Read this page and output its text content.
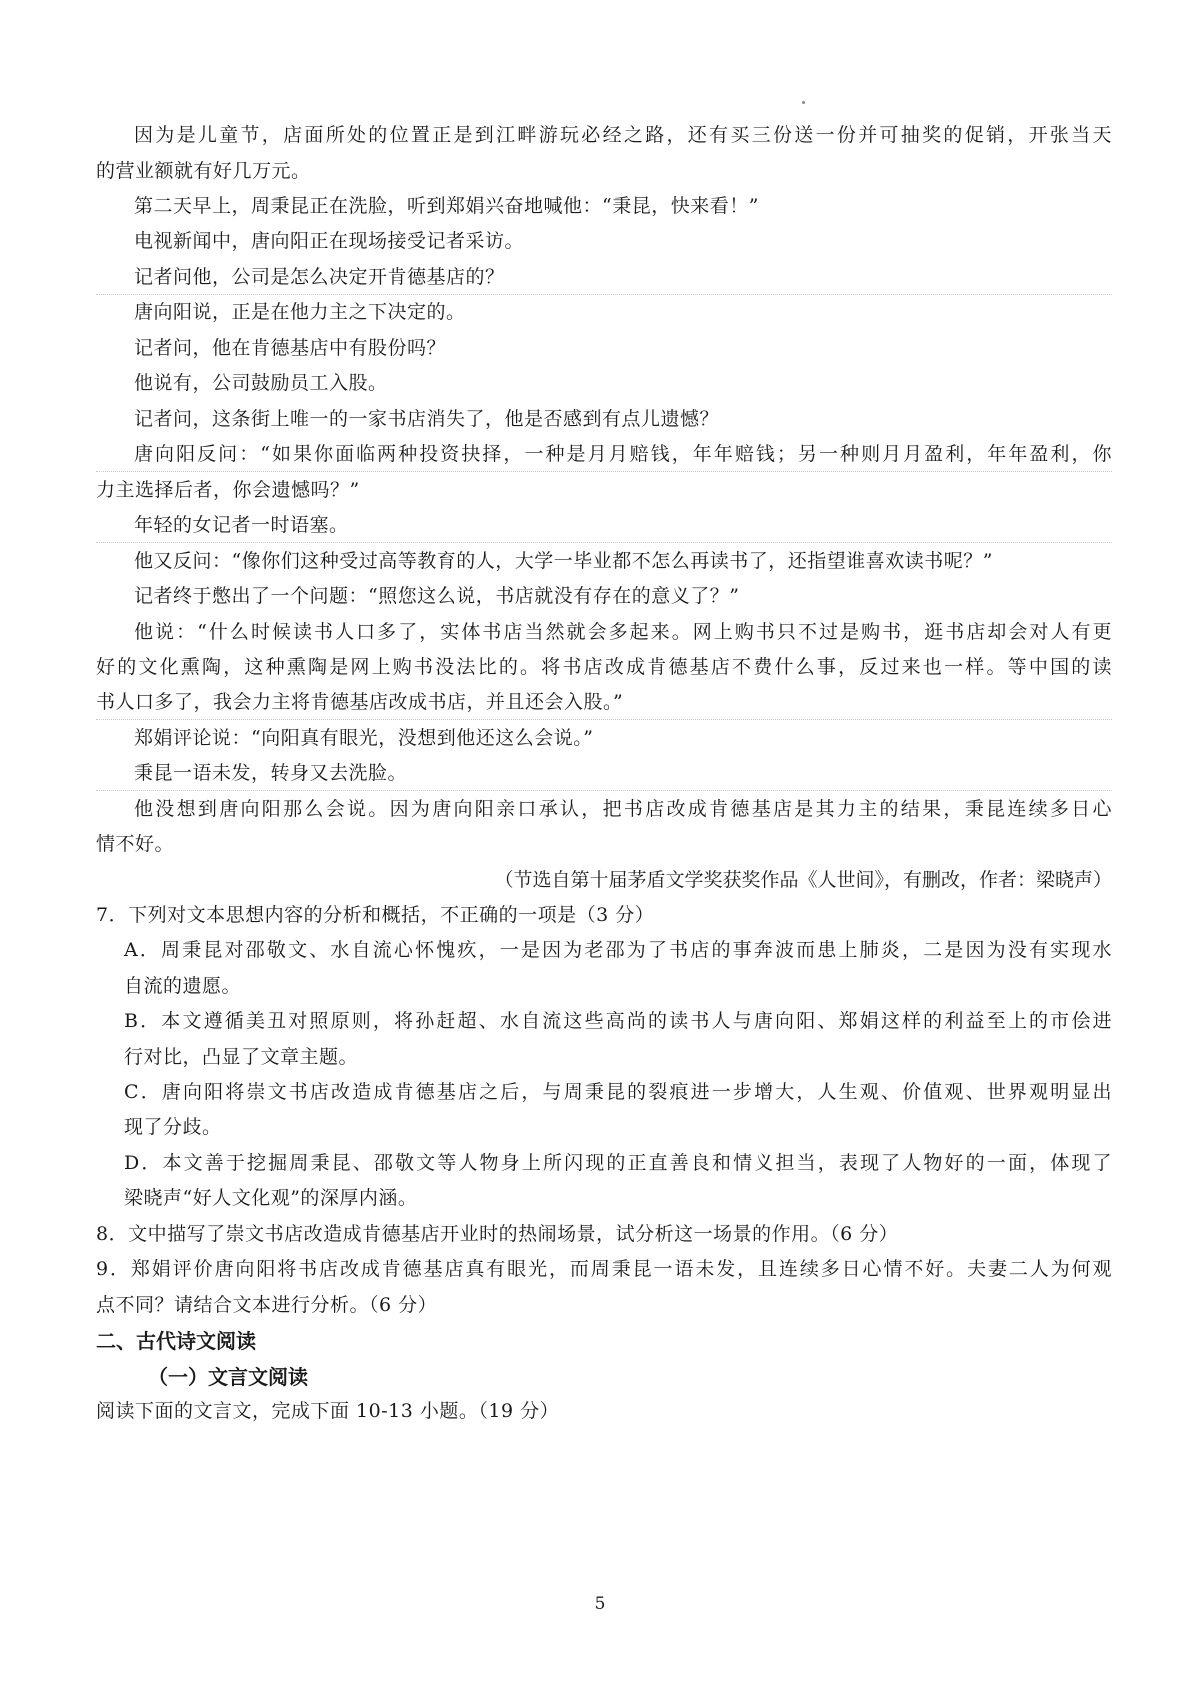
因为是儿童节，店面所处的位置正是到江畔游玩必经之路，还有买三份送一份并可抽奖的促销，开张当天
的营业额就有好几万元。
第二天早上，周秉昆正在洗脸，听到郑娟兴奋地喊他：“秉昆，快来看！”
电视新闻中，唐向阳正在现场接受记者采访。
记者问他，公司是怎么决定开肯德基店的？
唐向阳说，正是在他力主之下决定的。
记者问，他在肯德基店中有股份吗？
他说有，公司鼓励员工入股。
记者问，这条街上唯一的一家书店消失了，他是否感到有点儿遗憾？
唐向阳反问：“如果你面临两种投资抉择，一种是月月赔钱，年年赔钱；另一种则月月盈利，年年盈利，你
力主选择后者，你会遗憾吗？”
年轻的女记者一时语塞。
他又反问：“像你们这种受过高等教育的人，大学一毕业都不怎么再读书了，还指望谁喜欢读书呢？”
记者终于憋出了一个问题：“照您这么说，书店就没有存在的意义了？”
他说：“什么时候读书人口多了，实体书店当然就会多起来。网上购书只不过是购书，逛书店却会对人有更
好的文化熏陶，这种熏陶是网上购书没法比的。将书店改成肯德基店不费什么事，反过来也一样。等中国的读
书人口多了，我会力主将肯德基店改成书店，并且还会入股。”
郑娟评论说：“向阳真有眼光，没想到他还这么会说。”
秉昆一语未发，转身又去洗脸。
他没想到唐向阳那么会说。因为唐向阳亲口承认，把书店改成肯德基店是其力主的结果，秉昆连续多日心
情不好。
（节选自第十届茅盾文学奖获奖作品《人世间》，有删改，作者：梁晓声）
7．下列对文本思想内容的分析和概括，不正确的一项是（3 分）
A．周秉昆对邵敬文、水自流心怀愧疚，一是因为老邵为了书店的事奔波而患上肺炎，二是因为没有实现水
自流的遗愿。
B．本文遵循美丑对照原则，将孙赶超、水自流这些高尚的读书人与唐向阳、郑娟这样的利益至上的市侩进
行对比，凸显了文章主题。
C．唐向阳将崇文书店改造成肯德基店之后，与周秉昆的裂痕进一步增大，人生观、价值观、世界观明显出
现了分歧。
D．本文善于挖掘周秉昆、邵敬文等人物身上所闪现的正直善良和情义担当，表现了人物好的一面，体现了
梁晓声“好人文化观”的深厚内涵。
8．文中描写了崇文书店改造成肯德基店开业时的热闹场景，试分析这一场景的作用。（6 分）
9．郑娟评价唐向阳将书店改成肯德基店真有眼光，而周秉昆一语未发，且连续多日心情不好。夫妻二人为何观
点不同？请结合文本进行分析。（6 分）
二、古代诗文阅读
（一）文言文阅读
阅读下面的文言文，完成下面 10-13 小题。（19 分）
5
